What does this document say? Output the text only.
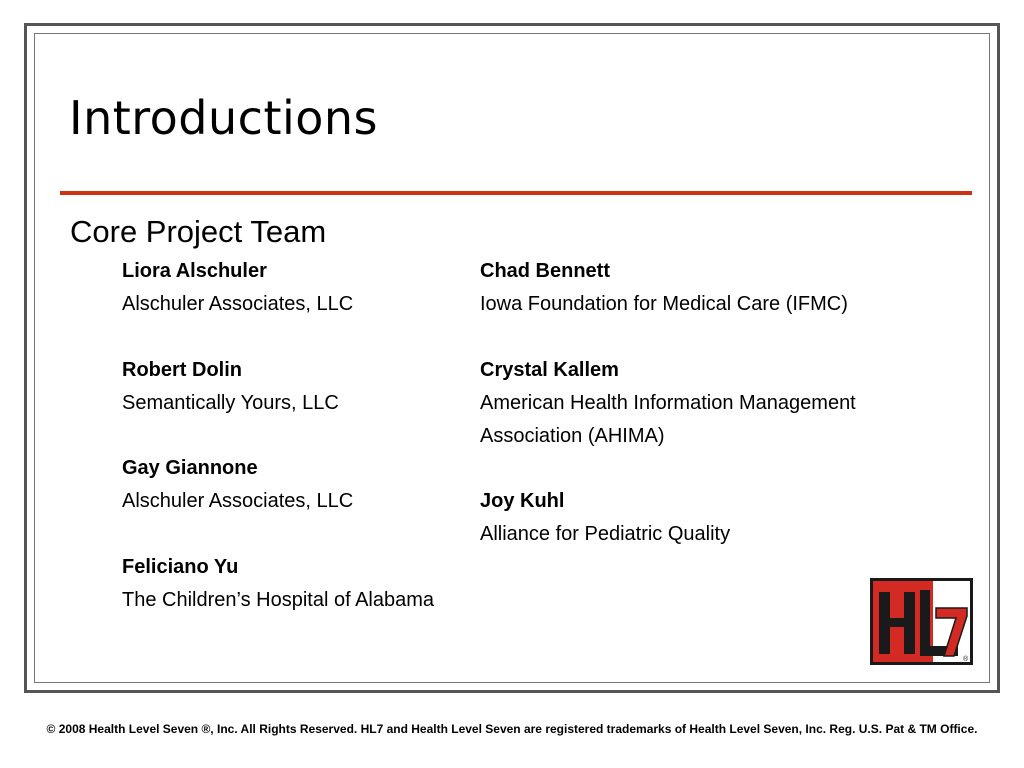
Introductions
Core Project Team
Liora Alschuler
Alschuler Associates, LLC
Robert Dolin
Semantically Yours, LLC
Gay Giannone
Alschuler Associates, LLC
Feliciano Yu
The Children’s Hospital of Alabama
Chad Bennett
Iowa Foundation for Medical Care (IFMC)
Crystal Kallem
American Health Information Management
Association (AHIMA)
Joy Kuhl
Alliance for Pediatric Quality
®
© 2008 Health Level Seven ®, Inc. All Rights Reserved. HL7 and Health Level Seven are registered trademarks of Health Level Seven, Inc. Reg. U.S. Pat & TM Office.
